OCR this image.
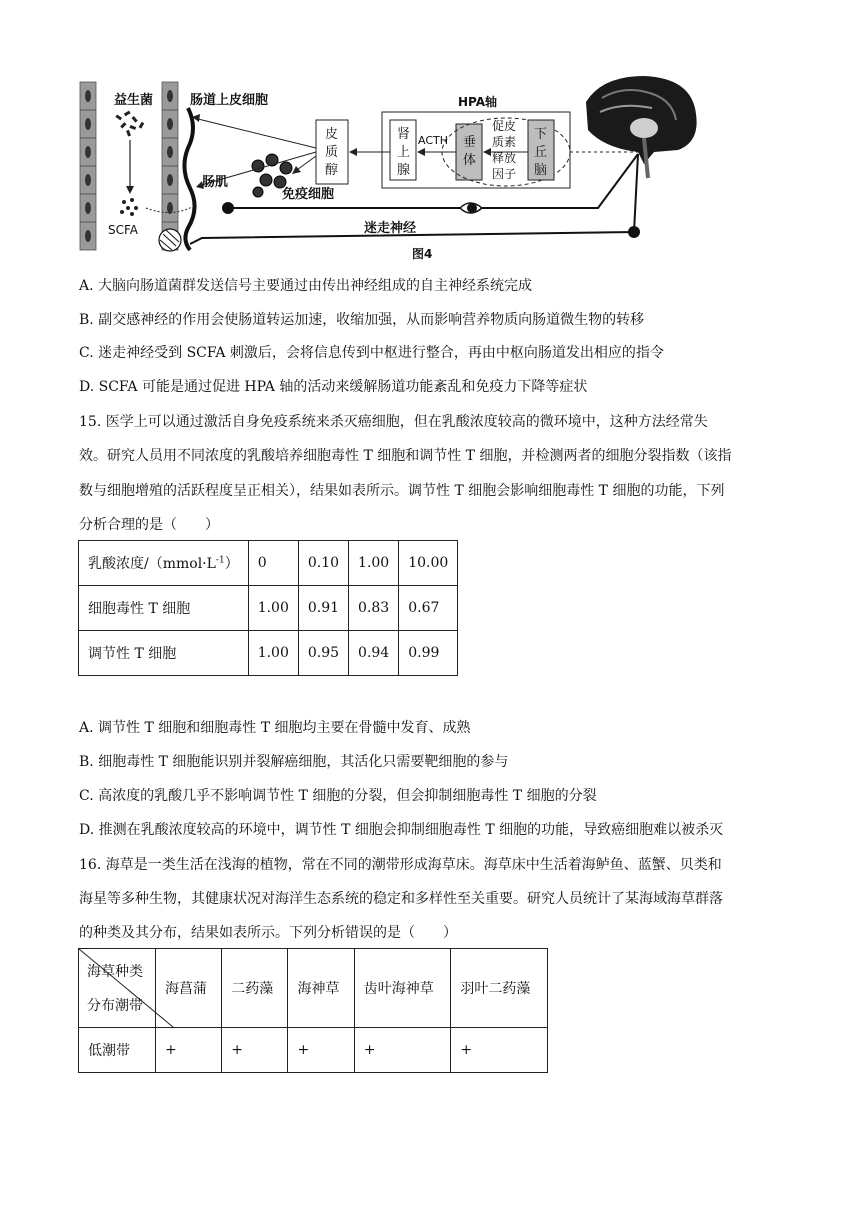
益生菌	肠道上皮细胞	HPA轴
皮
质
醇
肾
上
腺
ACTH 垂
体
促皮
质素
释放
因子
下
丘
脑
肠肌
免疫细胞
SCFA	迷走神经
图4
A. 大脑向肠道菌群发送信号主要通过由传出神经组成的自主神经系统完成
B. 副交感神经的作用会使肠道转运加速，收缩加强，从而影响营养物质向肠道微生物的转移
C. 迷走神经受到 SCFA 刺激后，会将信息传到中枢进行整合，再由中枢向肠道发出相应的指令
D. SCFA 可能是通过促进 HPA 轴的活动来缓解肠道功能紊乱和免疫力下降等症状
15. 医学上可以通过激活自身免疫系统来杀灭癌细胞，但在乳酸浓度较高的微环境中，这种方法经常失
效。研究人员用不同浓度的乳酸培养细胞毒性 T 细胞和调节性 T 细胞，并检测两者的细胞分裂指数（该指
数与细胞增殖的活跃程度呈正相关），结果如表所示。调节性 T 细胞会影响细胞毒性 T 细胞的功能，下列
分析合理的是（　　）
乳酸浓度$/(mmol\cdot L^{-1})$	0	0.10	1.00	10.00
细胞毒性 T 细胞	1.00	0.91	0.83	0.67
调节性 T 细胞	1.00	0.95	0.94	0.99
A. 调节性 T 细胞和细胞毒性 T 细胞均主要在骨髓中发育、成熟
B. 细胞毒性 T 细胞能识别并裂解癌细胞，其活化只需要靶细胞的参与
C. 高浓度的乳酸几乎不影响调节性 T 细胞的分裂，但会抑制细胞毒性 T 细胞的分裂
D. 推测在乳酸浓度较高的环境中，调节性 T 细胞会抑制细胞毒性 T 细胞的功能，导致癌细胞难以被杀灭
16. 海草是一类生活在浅海的植物，常在不同的潮带形成海草床。海草床中生活着海鲈鱼、蓝蟹、贝类和
海星等多种生物，其健康状况对海洋生态系统的稳定和多样性至关重要。研究人员统计了某海域海草群落
的种类及其分布，结果如表所示。下列分析错误的是（　　）
海草种类
分布潮带	海菖蒲	二药藻	海神草	齿叶海神草	羽叶二药藻
低潮带	+	+	+	+	+
